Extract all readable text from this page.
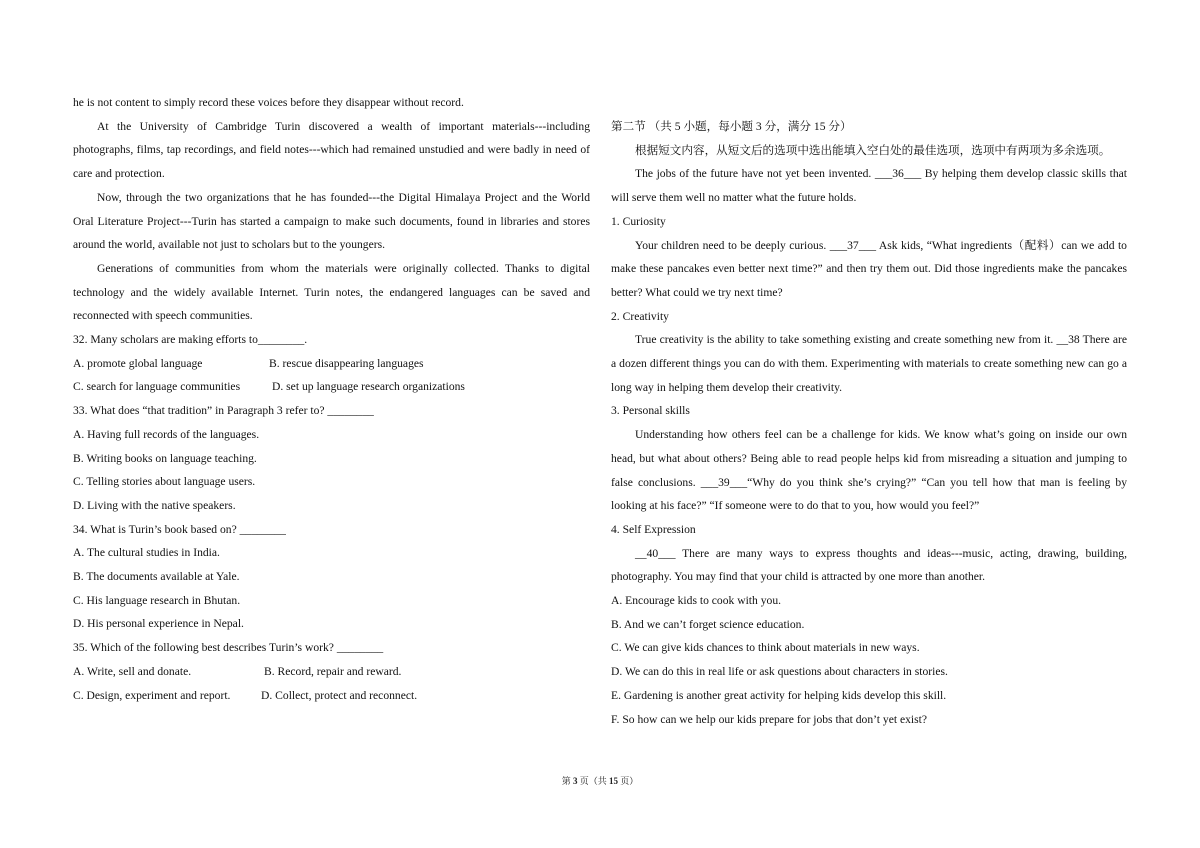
he is not content to simply record these voices before they disappear without record.

At the University of Cambridge Turin discovered a wealth of important materials---including photographs, films, tap recordings, and field notes---which had remained unstudied and were badly in need of care and protection.

Now, through the two organizations that he has founded---the Digital Himalaya Project and the World Oral Literature Project---Turin has started a campaign to make such documents, found in libraries and stores around the world, available not just to scholars but to the youngers.

Generations of communities from whom the materials were originally collected. Thanks to digital technology and the widely available Internet. Turin notes, the endangered languages can be saved and reconnected with speech communities.

32. Many scholars are making efforts to________.

A. promote global language	B. rescue disappearing languages
C. search for language communities	D. set up language research organizations

33. What does “that tradition” in Paragraph 3 refer to? ________

A. Having full records of the languages.

B. Writing books on language teaching.

C. Telling stories about language users.

D. Living with the native speakers.

34. What is Turin’s book based on? ________

A. The cultural studies in India.

B. The documents available at Yale.

C. His language research in Bhutan.

D. His personal experience in Nepal.

35. Which of the following best describes Turin’s work? ________

A. Write, sell and donate.	B. Record, repair and reward.
C. Design, experiment and report.	D. Collect, protect and reconnect.

第二节 （共 5 小题，每小题 3 分，满分 15 分）

根据短文内容，从短文后的选项中选出能填入空白处的最佳选项，选项中有两项为多余选项。

The jobs of the future have not yet been invented. ___36___ By helping them develop classic skills that will serve them well no matter what the future holds.

1. Curiosity

Your children need to be deeply curious. ___37___ Ask kids, “What ingredients（配料）can we add to make these pancakes even better next time?” and then try them out. Did those ingredients make the pancakes better? What could we try next time?

2. Creativity

True creativity is the ability to take something existing and create something new from it. __38 There are a dozen different things you can do with them. Experimenting with materials to create something new can go a long way in helping them develop their creativity.

3. Personal skills

Understanding how others feel can be a challenge for kids. We know what’s going on inside our own head, but what about others? Being able to read people helps kid from misreading a situation and jumping to false conclusions. ___39___“Why do you think she’s crying?” “Can you tell how that man is feeling by looking at his face?” “If someone were to do that to you, how would you feel?”

4. Self Expression

__40___ There are many ways to express thoughts and ideas---music, acting, drawing, building, photography. You may find that your child is attracted by one more than another.

A. Encourage kids to cook with you.

B. And we can’t forget science education.

C. We can give kids chances to think about materials in new ways.

D. We can do this in real life or ask questions about characters in stories.

E. Gardening is another great activity for helping kids develop this skill.

F. So how can we help our kids prepare for jobs that don’t yet exist?

第 3 页（共 15 页）
